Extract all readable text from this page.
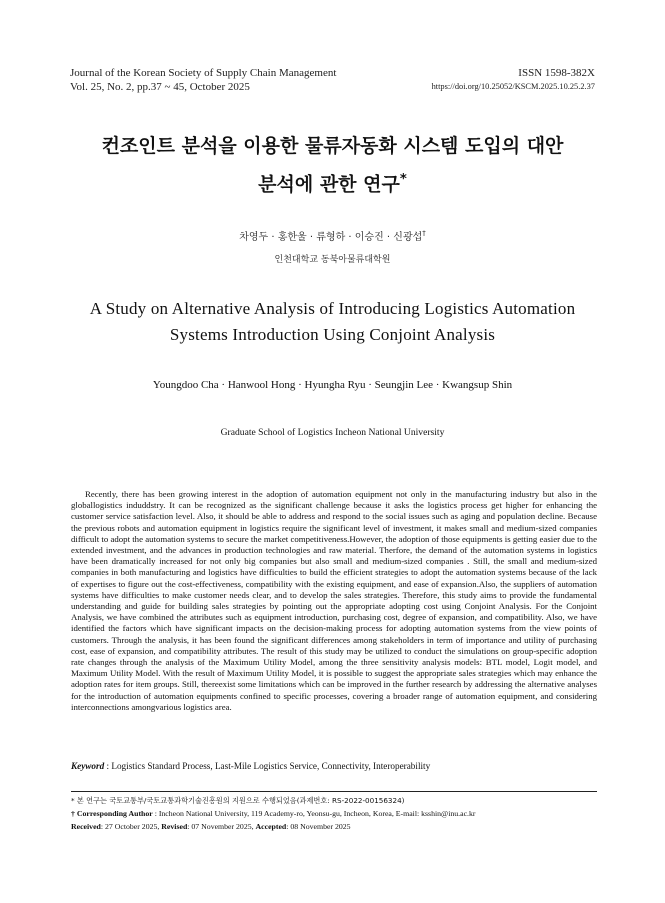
Journal of the Korean Society of Supply Chain Management
Vol. 25, No. 2, pp.37 ~ 45, October 2025
ISSN 1598-382X
https://doi.org/10.25052/KSCM.2025.10.25.2.37
컨조인트 분석을 이용한 물류자동화 시스템 도입의 대안
분석에 관한 연구*
차영두 · 홍한울 · 류형하 · 이승진 · 신광섭†
인천대학교 동북아물류대학원
A Study on Alternative Analysis of Introducing Logistics Automation
Systems Introduction Using Conjoint Analysis
Youngdoo Cha · Hanwool Hong · Hyungha Ryu · Seungjin Lee · Kwangsup Shin
Graduate School of Logistics Incheon National University

Recently, there has been growing interest in the adoption of automation equipment not only in the manufacturing industry but also in the globallogistics induddstry. It can be recognized as the significant challenge because it asks the logistics process get higher for enhancing the customer service satisfaction level. Also, it should be able to address and respond to the social issues such as aging and population decline. Because the previous robots and automation equipment in logistics require the significant level of investment, it makes small and medium-sized companies difficult to adopt the automation systems to secure the market competitiveness.However, the adoption of those equipments is getting easier due to the extended investment, and the advances in production technologies and raw material. Therfore, the demand of the automation systems in logistics have been dramatically increased for not only big companies but also small and medium-sized companies . Still, the small and medium-sized companies in both manufacturing and logistics have difficulties to build the efficient strategies to adopt the automation systems because of the lack of expertises to figure out the cost-effectiveness, compatibility with the existing equipment, and ease of expansion.Also, the suppliers of automation systems have difficulties to make customer needs clear, and to develop the sales strategies. Therefore, this study aims to provide the fundamental understanding and guide for building sales strategies by pointing out the appropriate adopting cost using Conjoint Analysis. For the Conjoint Analysis, we have combined the attributes such as equipment introduction, purchasing cost, degree of expansion, and compatibility. Also, we have identified the factors which have significant impacts on the decision-making process for adopting automation systems from the view points of customers. Through the analysis, it has been found the significant differences among stakeholders in term of importance and utility of purchasing cost, ease of expansion, and compatibility attributes. The result of this study may be utilized to conduct the simulations on group-specific adoption rate changes through the analysis of the Maximum Utility Model, among the three sensitivity analysis models: BTL model, Logit model, and Maximum Utility Model. With the result of Maximum Utility Model, it is possible to suggest the appropriate sales strategies which may enhance the adoption rates for item groups. Still, thereexist some limitations which can be improved in the further research by addressing the alternative analyses for the introduction of automation equipments confined to specific processes, covering a broader range of automation equipment, and considering interconnections amongvarious logistics area.

Keyword : Logistics Standard Process, Last-Mile Logistics Service, Connectivity, Interoperability
* 본 연구는 국토교통부/국토교통과학기술진흥원의 지원으로 수행되었음(과제번호: RS-2022-00156324)
† Corresponding Author : Incheon National University, 119 Academy-ro, Yeonsu-gu, Incheon, Korea, E-mail: ksshin@inu.ac.kr
Received: 27 October 2025, Revised: 07 November 2025, Accepted: 08 November 2025
